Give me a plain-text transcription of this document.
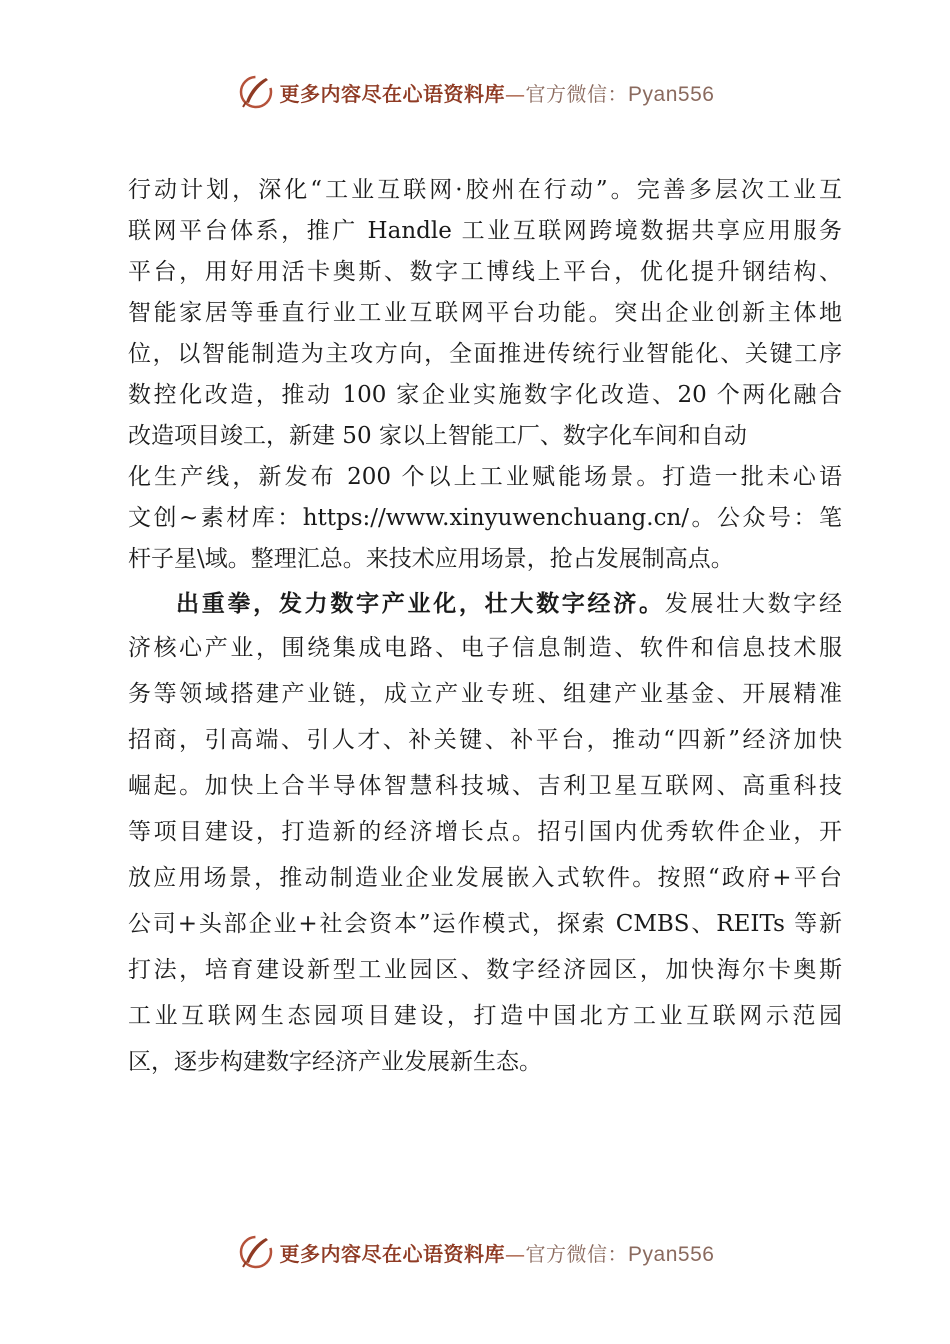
更多内容尽在心语资料库—官方微信：Pyan556

行动计划，深化“工业互联网·胶州在行动”。完善多层次工业互
联网平台体系，推广 Handle 工业互联网跨境数据共享应用服务
平台，用好用活卡奥斯、数字工博线上平台，优化提升钢结构、
智能家居等垂直行业工业互联网平台功能。突出企业创新主体地
位，以智能制造为主攻方向，全面推进传统行业智能化、关键工序
数控化改造，推动 100 家企业实施数字化改造、20 个两化融合
改造项目竣工，新建 50 家以上智能工厂、数字化车间和自动
化生产线，新发布 200 个以上工业赋能场景。打造一批未心语
文创~素材库：https://www.xinyuwenchuang.cn/。公众号：笔
杆子星\域。整理汇总。来技术应用场景，抢占发展制高点。

出重拳，发力数字产业化，壮大数字经济。发展壮大数字经
济核心产业，围绕集成电路、电子信息制造、软件和信息技术服
务等领域搭建产业链，成立产业专班、组建产业基金、开展精准
招商，引高端、引人才、补关键、补平台，推动“四新”经济加快
崛起。加快上合半导体智慧科技城、吉利卫星互联网、高重科技
等项目建设，打造新的经济增长点。招引国内优秀软件企业，开
放应用场景，推动制造业企业发展嵌入式软件。按照“政府+平台
公司+头部企业+社会资本”运作模式，探索 CMBS、REITs 等新
打法，培育建设新型工业园区、数字经济园区，加快海尔卡奥斯
工业互联网生态园项目建设，打造中国北方工业互联网示范园
区，逐步构建数字经济产业发展新生态。

更多内容尽在心语资料库—官方微信：Pyan556
